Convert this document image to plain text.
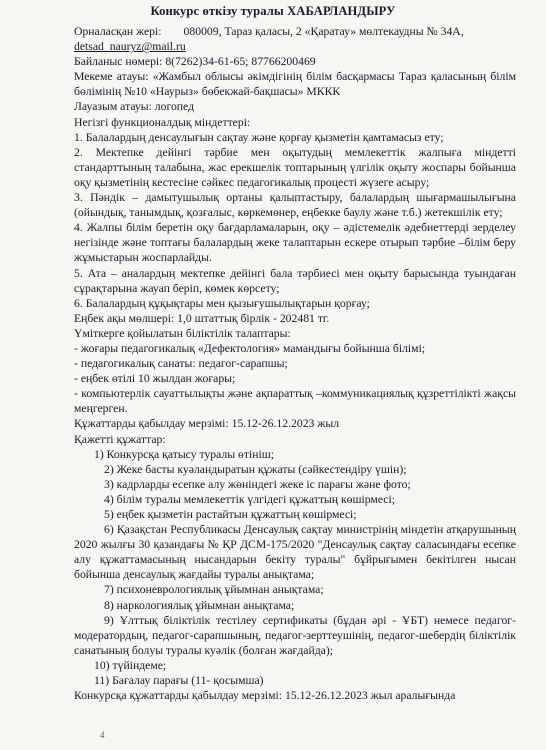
Конкурс өткізу туралы ХАБАРЛАНДЫРУ

Орналасқан жері: 080009, Тараз қаласы, 2 «Қаратау» мөлтекаудны № 34А,

detsad_nauryz@mail.ru

Байланыс нөмері: 8(7262)34-61-65; 87766200469

Мекеме атауы: «Жамбыл облысы әкімдігінің білім басқармасы Тараз қаласының білім бөлімінің №10 «Наурыз» бөбекжай-бақшасы» МККК

Лауазым атауы: логопед

Негізгі функционалдық міндеттері:

1. Балалардың денсаулығын сақтау және қорғау қызметін қамтамасыз ету;

2. Мектепке дейінгі тәрбие мен оқытудың мемлекеттік жалпыға міндетті стандарттының талабына, жас ерекшелік топтарының үлгілік оқыту жоспары бойынша оқу қызметінің кестесіне сәйкес педагогикалық процесті жүзеге асыру;

3. Пәндік – дамытушылық ортаны қалыптастыру, балалардың шығармашылығына (ойындық, танымдық, қозғалыс, көркемөнер, еңбекке баулу және т.б.) жетекшілік ету;

4. Жалпы білім беретін оқу бағдарламаларын, оқу – әдістемелік әдебиеттерді зерделеу негізінде және топтағы балалардың жеке талаптарын ескере отырып тәрбие –білім беру жұмыстарын жоспарлайды.

5. Ата – аналардың мектепке дейінгі бала тәрбиесі мен оқыту барысында туындаған сұрақтарына жауап беріп, көмек көрсету;

6. Балалардың құқықтары мен қызығушылықтарын қорғау;

Еңбек ақы мөлшері: 1,0 штаттық бірлік - 202481 тг.

Үміткерге қойылатын біліктілік талаптары:

- жоғары педагогикалық «Дефектология» мамандығы бойынша білімі;

- педагогикалық санаты: педагог-сарапшы;

- еңбек өтілі 10 жылдан жоғары;

- компьютерлік сауаттылықты және ақпараттық –коммуникациялық құзреттілікті жақсы меңгерген.

Құжаттарды қабылдау мерзімі: 15.12-26.12.2023 жыл

Қажетті құжаттар:

1) Конкурсқа қатысу туралы өтініш;

2) Жеке басты куәландыратын құжаты (сәйкестендіру үшін);

3) кадрларды есепке алу жөніндегі жеке іс парағы және фото;

4) білім туралы мемлекеттік үлгідегі құжаттың көшірмесі;

5) еңбек қызметін растайтын құжаттың көшірмесі;

6) Қазақстан Республикасы Денсаулық сақтау министрінің міндетін атқарушының 2020 жылғы 30 қазандағы № ҚР ДСМ-175/2020 "Денсаулық сақтау саласындағы есепке алу құжаттамасының нысандарын бекіту туралы" бұйрығымен бекітілген нысан бойынша денсаулық жағдайы туралы анықтама;

7) психоневрологиялық ұйымнан анықтама;

8) наркологиялық ұйымнан анықтама;

9) Ұлттық біліктілік тестілеу сертификаты (бұдан әрі - ҰБТ) немесе педагог-модератордың, педагог-сарапшының, педагог-зерттеушінің, педагог-шебердің біліктілік санатының болуы туралы куәлік (болған жағдайда);

10) түйіндеме;

11) Бағалау парағы (11- қосымша)

Конкурсқа құжаттарды қабылдау мерзімі: 15.12-26.12.2023 жыл аралығында

4
